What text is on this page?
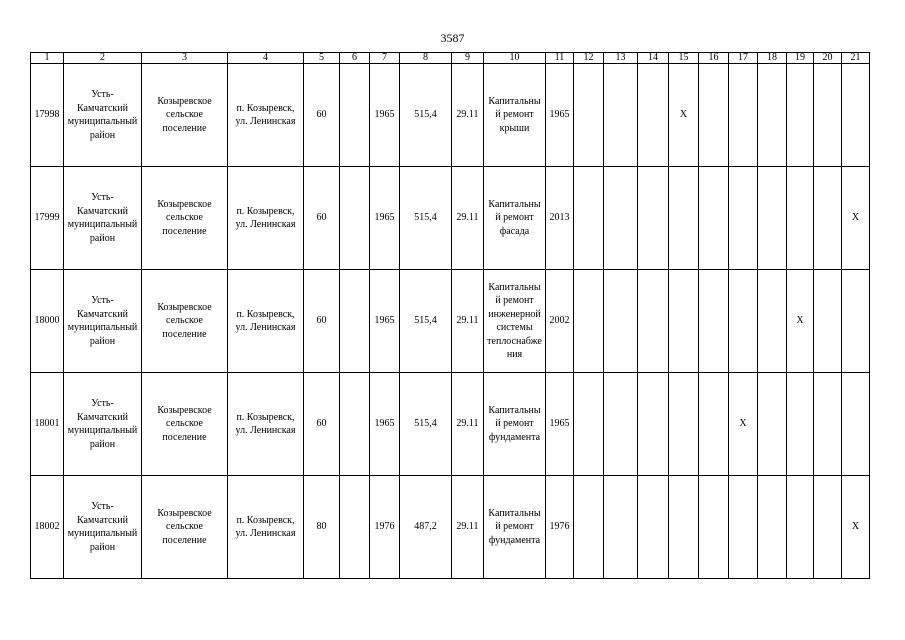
3587
1	2	3	4	5	6	7	8	9	10	11	12	13	14	15	16	17	18	19	20	21
17998	Усть-Камчатский муниципальный район	Козыревское сельское поселение	п. Козыревск, ул. Ленинская	60		1965	515,4	29.11	Капитальный ремонт крыши	1965				X						
17999	Усть-Камчатский муниципальный район	Козыревское сельское поселение	п. Козыревск, ул. Ленинская	60		1965	515,4	29.11	Капитальный ремонт фасада	2013										X
18000	Усть-Камчатский муниципальный район	Козыревское сельское поселение	п. Козыревск, ул. Ленинская	60		1965	515,4	29.11	Капитальный ремонт инженерной системы теплоснабжения	2002								X		
18001	Усть-Камчатский муниципальный район	Козыревское сельское поселение	п. Козыревск, ул. Ленинская	60		1965	515,4	29.11	Капитальный ремонт фундамента	1965						X				
18002	Усть-Камчатский муниципальный район	Козыревское сельское поселение	п. Козыревск, ул. Ленинская	80		1976	487,2	29.11	Капитальный ремонт фундамента	1976										X
